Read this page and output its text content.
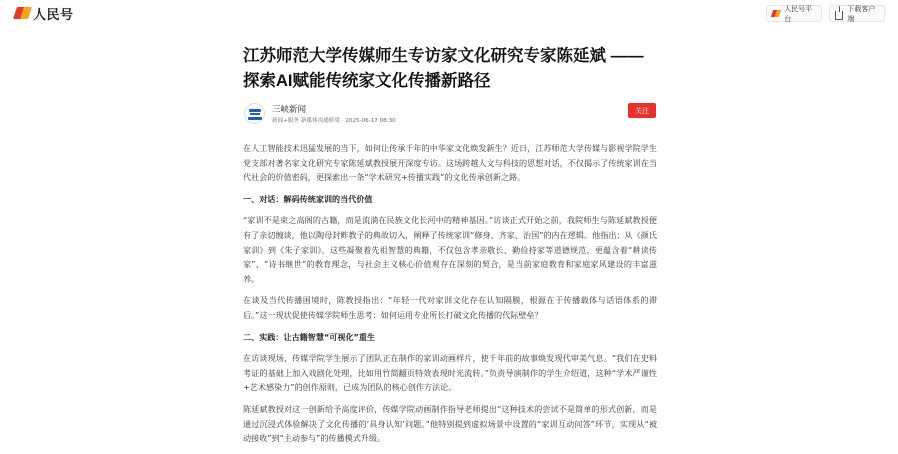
人民号	人民号平台
下载客户端
江苏师范大学传媒师生专访家文化研究专家陈延斌 ——探索AI赋能传统家文化传播新路径
三峡新闻
新闻+服务 新媒体沟通桥梁 · 2025-06-17 08:30
关注

在人工智能技术迅猛发展的当下，如何让传承千年的中华家文化焕发新生？近日，江苏师范大学传媒与影视学院学生党支部对著名家文化研究专家陈延斌教授展开深度专访。这场跨越人文与科技的思想对话，不仅揭示了传统家训在当代社会的价值密码，更探索出一条“学术研究+传播实践”的文化传承创新之路。

一、对话：解码传统家训的当代价值

“家训不是束之高阁的古籍，而是流淌在民族文化长河中的精神基因。”访谈正式开始之前，我院师生与陈延斌教授便有了亲切缠谈，他以陶母封鲊教子的典故切入，阐释了传统家训“修身、齐家、治国”的内在逻辑。他指出：从《颜氏家训》到《朱子家训》，这些凝聚着先祖智慧的典籍，不仅包含孝亲敬长、勤俭持家等道德规范，更蕴含着“耕读传家”、“诗书继世”的教育理念，与社会主义核心价值观存在深刻的契合，是当前家庭教育和家庭家风建设的丰富滋养。

在谈及当代传播困境时，陈教授指出：“年轻一代对家训文化存在认知隔膜，根源在于传播载体与话语体系的滞后。”这一现状促使传媒学院师生思考：如何运用专业所长打破文化传播的代际壁垒？

二、实践：让古籍智慧“可视化”重生

在访谈现场，传媒学院学生展示了团队正在制作的家训动画样片，使千年前的故事焕发现代审美气息。“我们在史料考证的基础上加入戏剧化处理，比如用竹简翻页特效表现时光流转。”负责导演制作的学生介绍道，这种“学术严谨性+艺术感染力”的创作原则，已成为团队的核心创作方法论。

陈延斌教授对这一创新给予高度评价，传媒学院动画制作指导老师提出“这种技术的尝试不是简单的形式创新，而是通过沉浸式体验解决了文化传播的‘具身认知’问题。”他特别提到虚拟场景中设置的“家训互动问答”环节，实现从“被动接收”到“主动参与”的传播模式升级。
